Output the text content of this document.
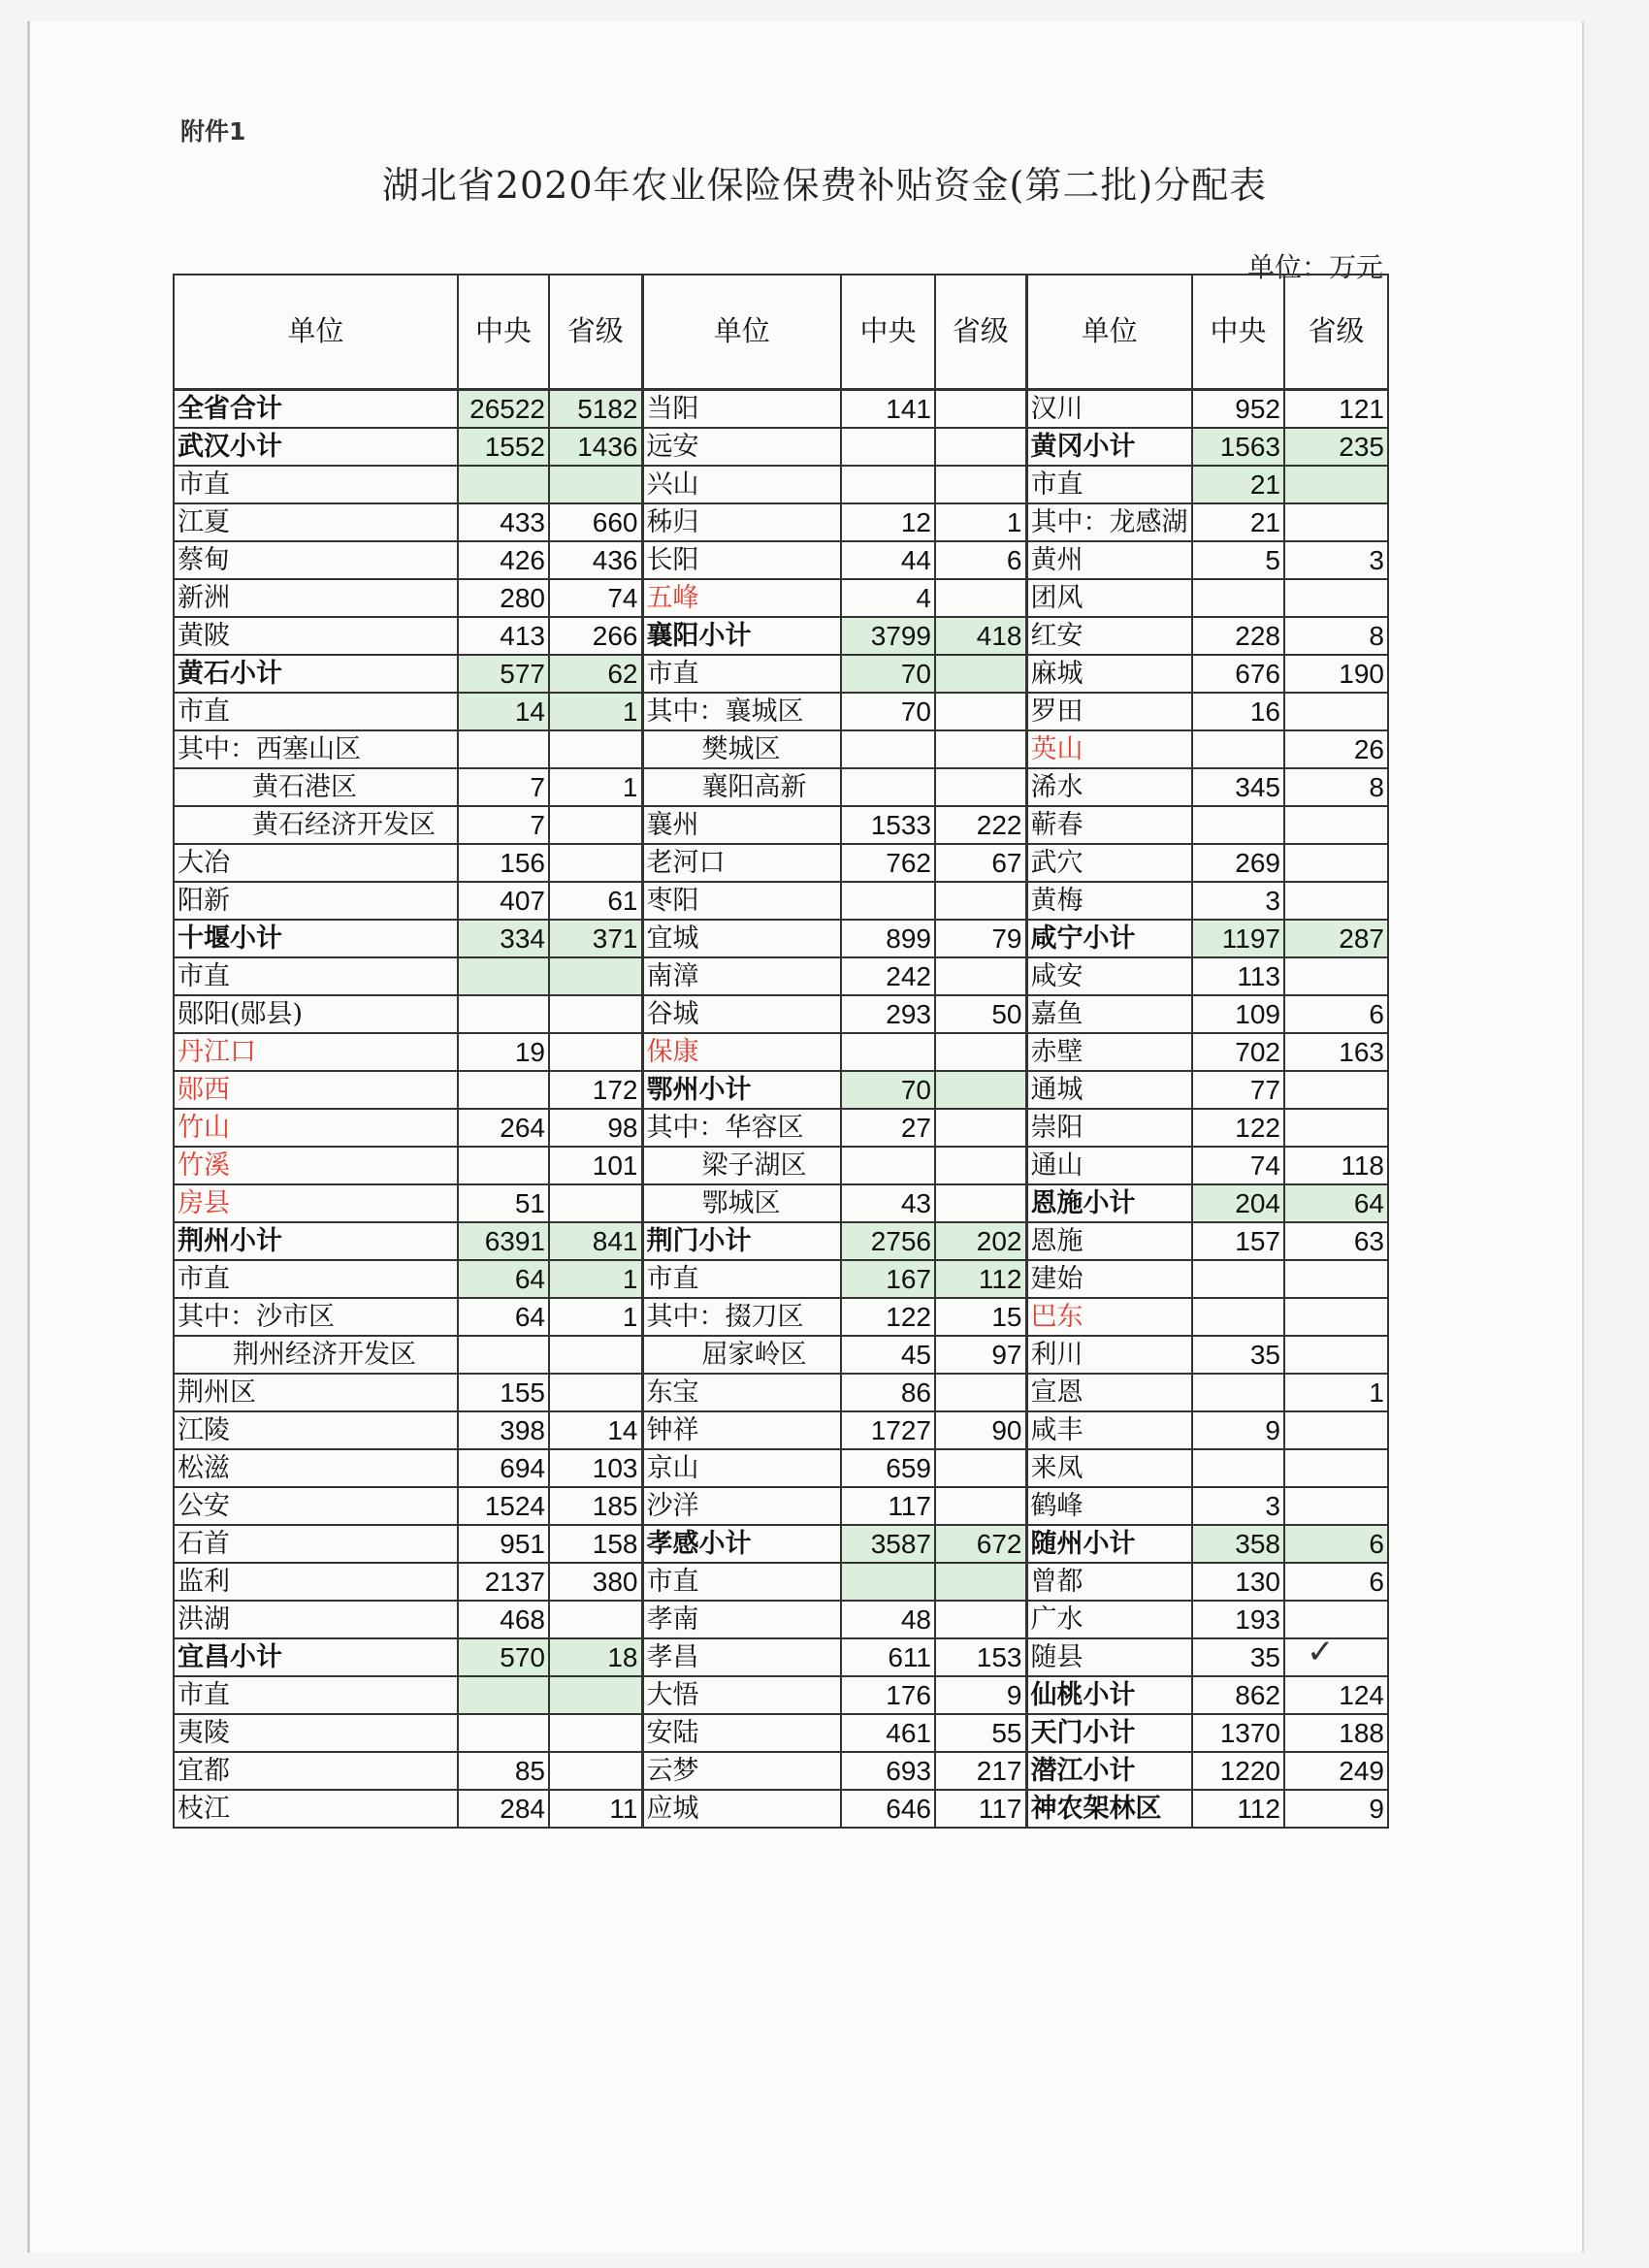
附件1
湖北省2020年农业保险保费补贴资金(第二批)分配表
单位：万元
单位	中央	省级	单位	中央	省级	单位	中央	省级
全省合计	26522	5182	当阳	141		汉川	952	121
武汉小计	1552	1436	远安			黄冈小计	1563	235
市直			兴山			市直	21	
江夏	433	660	秭归	12	1	其中：龙感湖	21	
蔡甸	426	436	长阳	44	6	黄州	5	3
新洲	280	74	五峰	4		团风		
黄陂	413	266	襄阳小计	3799	418	红安	228	8
黄石小计	577	62	市直	70		麻城	676	190
市直	14	1	其中：襄城区	70		罗田	16	
其中：西塞山区			樊城区			英山		26
黄石港区	7	1	襄阳高新			浠水	345	8
黄石经济开发区	7		襄州	1533	222	蕲春		
大冶	156		老河口	762	67	武穴	269	
阳新	407	61	枣阳			黄梅	3	
十堰小计	334	371	宜城	899	79	咸宁小计	1197	287
市直			南漳	242		咸安	113	
郧阳(郧县)			谷城	293	50	嘉鱼	109	6
丹江口	19		保康			赤壁	702	163
郧西		172	鄂州小计	70		通城	77	
竹山	264	98	其中：华容区	27		崇阳	122	
竹溪		101	梁子湖区			通山	74	118
房县	51		鄂城区	43		恩施小计	204	64
荆州小计	6391	841	荆门小计	2756	202	恩施	157	63
市直	64	1	市直	167	112	建始		
其中：沙市区	64	1	其中：掇刀区	122	15	巴东		
荆州经济开发区			屈家岭区	45	97	利川	35	
荆州区	155		东宝	86		宣恩		1
江陵	398	14	钟祥	1727	90	咸丰	9	
松滋	694	103	京山	659		来凤		
公安	1524	185	沙洋	117		鹤峰	3	
石首	951	158	孝感小计	3587	672	随州小计	358	6
监利	2137	380	市直			曾都	130	6
洪湖	468		孝南	48		广水	193	
宜昌小计	570	18	孝昌	611	153	随县	35	
市直			大悟	176	9	仙桃小计	862	124
夷陵			安陆	461	55	天门小计	1370	188
宜都	85		云梦	693	217	潜江小计	1220	249
枝江	284	11	应城	646	117	神农架林区	112	9
✓
